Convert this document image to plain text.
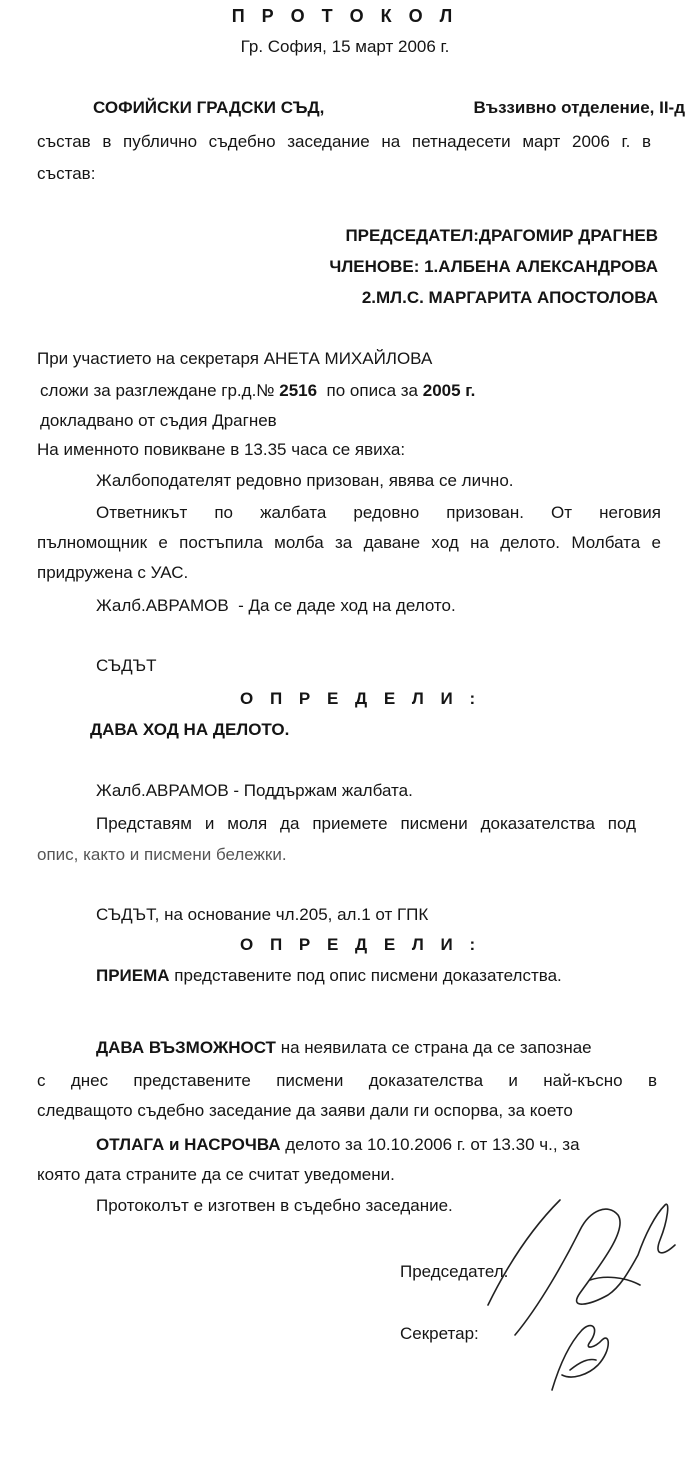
П Р О Т О К О Л
Гр. София, 15 март 2006 г.
СОФИЙСКИ ГРАДСКИ СЪД,	Въззивно отделение, II-д
състав в публично съдебно заседание на петнадесети март 2006 г. в
състав:
ПРЕДСЕДАТЕЛ:ДРАГОМИР ДРАГНЕВ
ЧЛЕНОВЕ: 1.АЛБЕНА АЛЕКСАНДРОВА
2.МЛ.С. МАРГАРИТА АПОСТОЛОВА
При участието на секретаря АНЕТА МИХАЙЛОВА
сложи за разглеждане гр.д.№ 2516 по описа за 2005 г.
докладвано от съдия Драгнев
На именното повикване в 13.35 часа се явиха:
Жалбоподателят редовно призован, явява се лично.
Ответникът по жалбата редовно призован. От неговия
пълномощник е постъпила молба за даване ход на делото. Молбата е
придружена с УАС.
Жалб.АВРАМОВ  - Да се даде ход на делото.
СЪДЪТ
О П Р Е Д Е Л И :
ДАВА ХОД НА ДЕЛОТО.
Жалб.АВРАМОВ - Поддържам жалбата.
Представям и моля да приемете писмени доказателства под
опис, както и писмени бележки.
СЪДЪТ, на основание чл.205, ал.1 от ГПК
О П Р Е Д Е Л И :
ПРИЕМА представените под опис писмени доказателства.
ДАВА ВЪЗМОЖНОСТ на неявилата се страна да се запознае
с днес представените писмени доказателства и най-късно в
следващото съдебно заседание да заяви дали ги оспорва, за което
ОТЛАГА и НАСРОЧВА делото за 10.10.2006 г. от 13.30 ч., за
която дата страните да се считат уведомени.
Протоколът е изготвен в съдебно заседание.
Председател.
Секретар:
